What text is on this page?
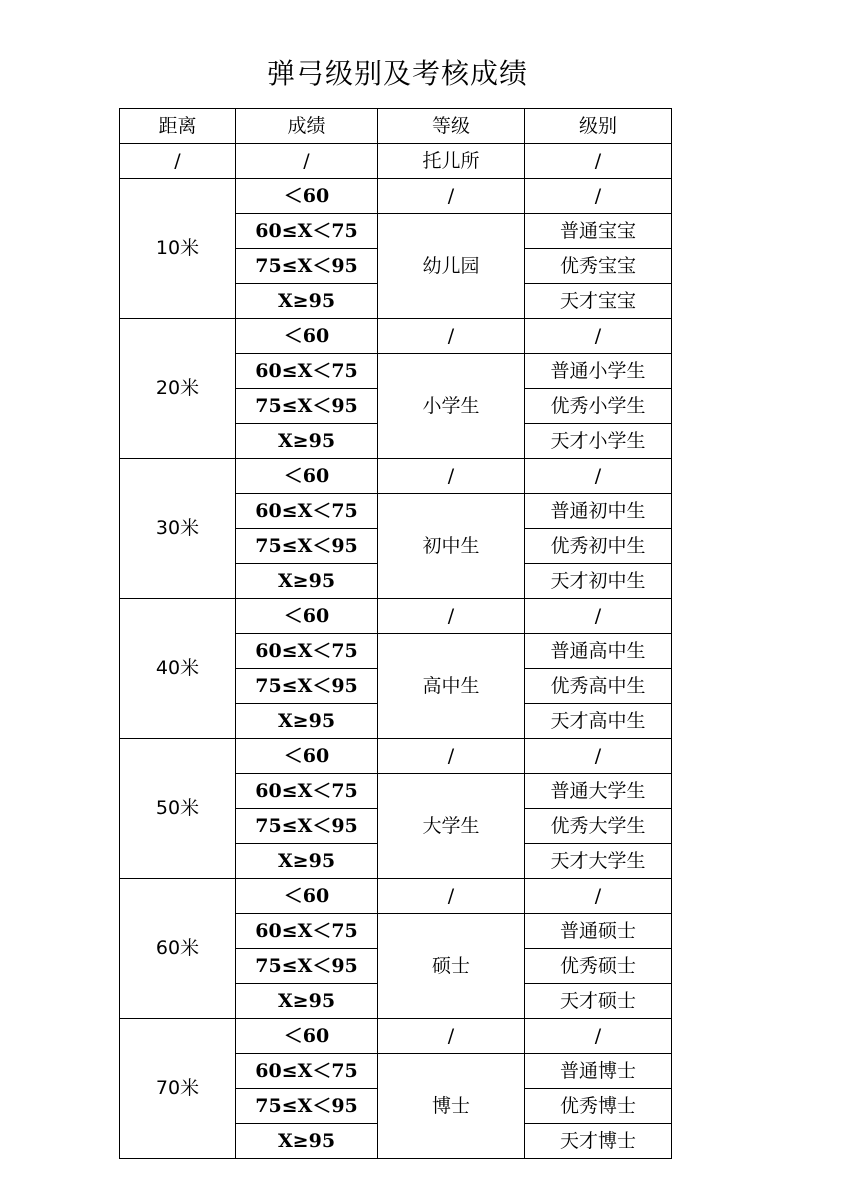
弹弓级别及考核成绩
距离	成绩	等级	级别
/	/	托儿所	/
10米	＜60	/	/
	60≤X＜75	幼儿园	普通宝宝
	75≤X＜95		优秀宝宝
	X≥95		天才宝宝
20米	＜60	/	/
	60≤X＜75	小学生	普通小学生
	75≤X＜95		优秀小学生
	X≥95		天才小学生
30米	＜60	/	/
	60≤X＜75	初中生	普通初中生
	75≤X＜95		优秀初中生
	X≥95		天才初中生
40米	＜60	/	/
	60≤X＜75	高中生	普通高中生
	75≤X＜95		优秀高中生
	X≥95		天才高中生
50米	＜60	/	/
	60≤X＜75	大学生	普通大学生
	75≤X＜95		优秀大学生
	X≥95		天才大学生
60米	＜60	/	/
	60≤X＜75	硕士	普通硕士
	75≤X＜95		优秀硕士
	X≥95		天才硕士
70米	＜60	/	/
	60≤X＜75	博士	普通博士
	75≤X＜95		优秀博士
	X≥95		天才博士
